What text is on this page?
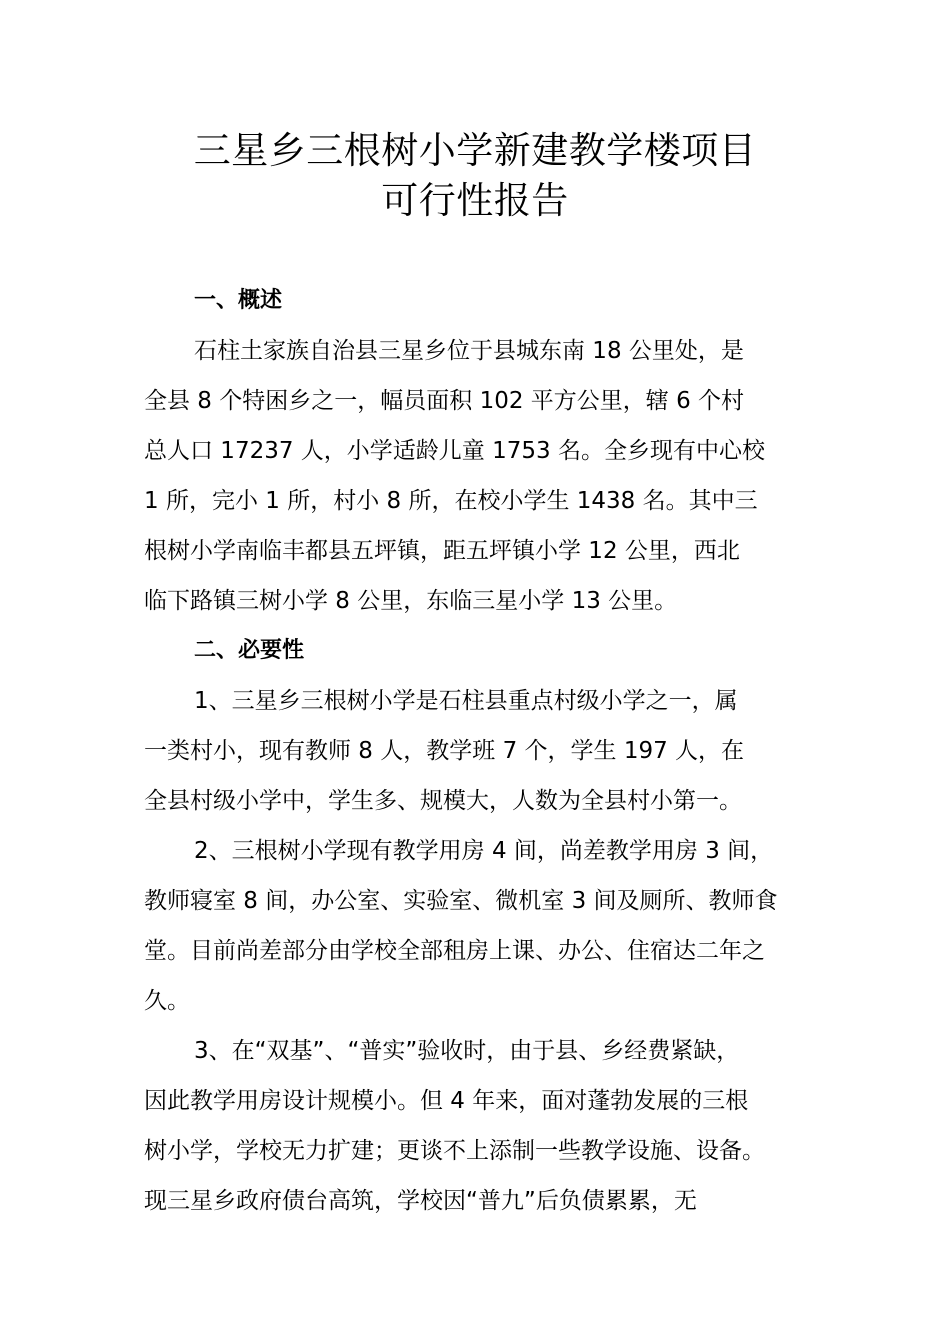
三星乡三根树小学新建教学楼项目
可行性报告
一、概述
石柱土家族自治县三星乡位于县城东南 18 公里处，是
全县 8 个特困乡之一，幅员面积 102 平方公里，辖 6 个村
总人口 17237 人，小学适龄儿童 1753 名。全乡现有中心校
1 所，完小 1 所，村小 8 所，在校小学生 1438 名。其中三
根树小学南临丰都县五坪镇，距五坪镇小学 12 公里，西北
临下路镇三树小学 8 公里，东临三星小学 13 公里。
二、必要性
1、三星乡三根树小学是石柱县重点村级小学之一，属
一类村小，现有教师 8 人，教学班 7 个，学生 197 人，在
全县村级小学中，学生多、规模大，人数为全县村小第一。
2、三根树小学现有教学用房 4 间，尚差教学用房 3 间，
教师寝室 8 间，办公室、实验室、微机室 3 间及厕所、教师食
堂。目前尚差部分由学校全部租房上课、办公、住宿达二年之
久。
3、在“双基”、“普实”验收时，由于县、乡经费紧缺，
因此教学用房设计规模小。但 4 年来，面对蓬勃发展的三根
树小学，学校无力扩建；更谈不上添制一些教学设施、设备。
现三星乡政府债台高筑，学校因“普九”后负债累累，无
